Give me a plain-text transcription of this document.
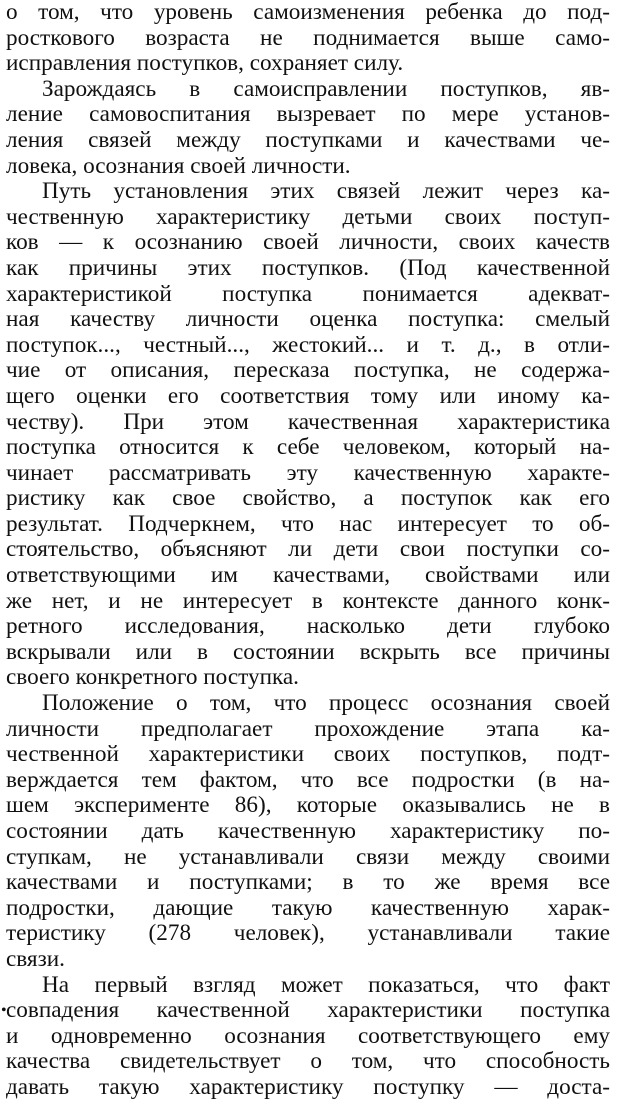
о том, что уровень самоизменения ребенка до под-
росткового возраста не поднимается выше само-
исправления поступков, сохраняет силу.
Зарождаясь в самоисправлении поступков, яв-
ление самовоспитания вызревает по мере установ-
ления связей между поступками и качествами че-
ловека, осознания своей личности.
Путь установления этих связей лежит через ка-
чественную характеристику детьми своих поступ-
ков — к осознанию своей личности, своих качеств
как причины этих поступков. (Под качественной
характеристикой поступка понимается адекват-
ная качеству личности оценка поступка: смелый
поступок..., честный..., жестокий... и т. д., в отли-
чие от описания, пересказа поступка, не содержа-
щего оценки его соответствия тому или иному ка-
честву). При этом качественная характеристика
поступка относится к себе человеком, который на-
чинает рассматривать эту качественную характе-
ристику как свое свойство, а поступок как его
результат. Подчеркнем, что нас интересует то об-
стоятельство, объясняют ли дети свои поступки со-
ответствующими им качествами, свойствами или
же нет, и не интересует в контексте данного конк-
ретного исследования, насколько дети глубоко
вскрывали или в состоянии вскрыть все причины
своего конкретного поступка.
Положение о том, что процесс осознания своей
личности предполагает прохождение этапа ка-
чественной характеристики своих поступков, подт-
верждается тем фактом, что все подростки (в на-
шем эксперименте 86), которые оказывались не в
состоянии дать качественную характеристику по-
ступкам, не устанавливали связи между своими
качествами и поступками; в то же время все
подростки, дающие такую качественную харак-
теристику (278 человек), устанавливали такие
связи.
На первый взгляд может показаться, что факт
• совпадения качественной характеристики поступка
и одновременно осознания соответствующего ему
качества свидетельствует о том, что способность
давать такую характеристику поступку — доста-
